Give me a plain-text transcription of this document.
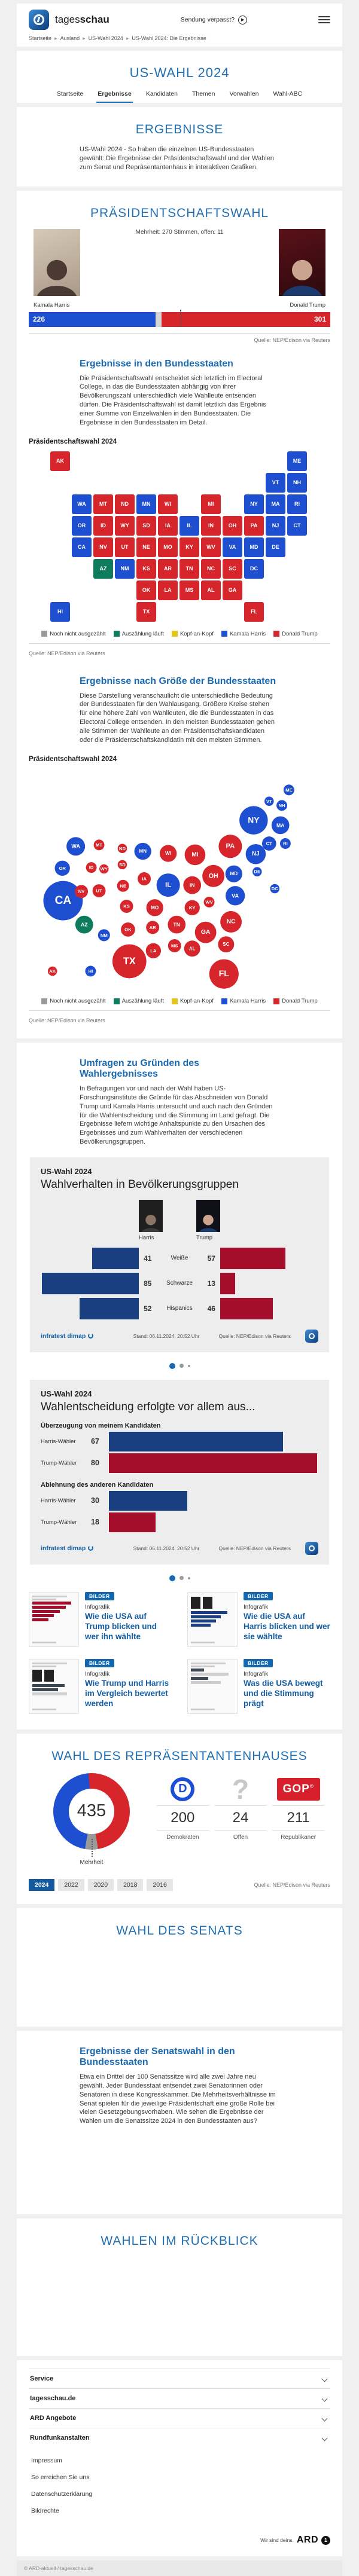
tagesschau	Sendung verpasst?	▶
Startseite ▸ Ausland ▸ US-Wahl 2024 ▸ US-Wahl 2024: Die Ergebnisse
US-WAHL 2024
Startseite Ergebnisse Kandidaten Themen Vorwahlen Wahl-ABC
ERGEBNISSE

US-Wahl 2024 - So haben die einzelnen US-Bundesstaaten gewählt: Die Ergebnisse der Präsidentschaftswahl und der Wahlen zum Senat und Repräsentantenhaus in interaktiven Grafiken.

PRÄSIDENTSCHAFTSWAHL
Mehrheit: 270 Stimmen, offen: 11
Kamala Harris	Donald Trump
226	301
Quelle: NEP/Edison via Reuters
Ergebnisse in den Bundesstaaten

Die Präsidentschaftswahl entscheidet sich letztlich im Electoral College, in das die Bundesstaaten abhängig von ihrer Bevölkerungszahl unterschiedlich viele Wahlleute entsenden dürfen. Die Präsidentschaftswahl ist damit letztlich das Ergebnis einer Summe von Einzelwahlen in den Bundesstaaten. Die Ergebnisse in den Bundesstaaten im Detail.

Präsidentschaftswahl 2024
AK	ME
VT	NH
WA	MT	ND	MN	WI	MI	NY	MA	RI
OR	ID	WY	SD	IA	IL	IN	OH	PA	NJ	CT
CA	NV	UT	NE	MO	KY	WV	VA	MD	DE
AZ	NM	KS	AR	TN	NC	SC	DC
OK	LA	MS	AL	GA
HI	TX	FL
Noch nicht ausgezählt	Auszählung läuft	Kopf-an-Kopf	Kamala Harris	Donald Trump
Quelle: NEP/Edison via Reuters
Ergebnisse nach Größe der Bundesstaaten

Diese Darstellung veranschaulicht die unterschiedliche Bedeutung der Bundesstaaten für den Wahlausgang. Größere Kreise stehen für eine höhere Zahl von Wahlleuten, die die Bundesstaaten in das Electoral College entsenden. In den meisten Bundesstaaten gehen alle Stimmen der Wahlleute an den Präsidentschaftskandidaten oder die Präsidentschaftskandidatin mit den meisten Stimmen.

Präsidentschaftswahl 2024
AK
ME
VT
NH
WA	MT
ND
MN	WI	MI
NY
MA
RI
OR	ID WY
SD
IA
IL	IN
OH
PA
NJ
CT
CA
NV	UT
NE
MO	KY
WV
VA
MD	DE
AZ
NM
KS
AR	TN	NC
SC
DC
OK
LA
MS
AL
GA
HI
TX
FL
Noch nicht ausgezählt	Auszählung läuft	Kopf-an-Kopf	Kamala Harris	Donald Trump
Quelle: NEP/Edison via Reuters
Umfragen zu Gründen des Wahlergebnisses

In Befragungen vor und nach der Wahl haben US-Forschungsinstitute die Gründe für das Abschneiden von Donald Trump und Kamala Harris untersucht und auch nach den Gründen für die Wahlentscheidung und die Stimmung im Land gefragt. Die Ergebnisse liefern wichtige Anhaltspunkte zu den Ursachen des Ergebnisses und zum Wahlverhalten der verschiedenen Bevölkerungsgruppen.

US-Wahl 2024
Wahlverhalten in Bevölkerungsgruppen
Harris	Trump
41	Weiße	57
85	Schwarze	13
52	Hispanics	46
infratest dimap	Stand: 06.11.2024, 20:52 Uhr	Quelle: NEP/Edison via Reuters
US-Wahl 2024
Wahlentscheidung erfolgte vor allem aus...
Überzeugung von meinem Kandidaten
Harris-Wähler	67
Trump-Wähler	80
Ablehnung des anderen Kandidaten
Harris-Wähler	30
Trump-Wähler	18
infratest dimap	Stand: 06.11.2024, 20:52 Uhr	Quelle: NEP/Edison via Reuters
BILDER
Infografik
Wie die USA auf Trump blicken und wer ihn wählte
BILDER
Infografik
Wie die USA auf Harris blicken und wer sie wählte
BILDER
Infografik
Wie Trump und Harris im Vergleich bewertet werden
BILDER
Infografik
Was die USA bewegt und die Stimmung prägt
WAHL DES REPRÄSENTANTENHAUSES
435
Mehrheit
D
200
Demokraten
?
24
Offen
GOP®
211
Republikaner
2024	2022	2020	2018	2016	Quelle: NEP/Edison via Reuters
WAHL DES SENATS
Ergebnisse der Senatswahl in den Bundesstaaten

Etwa ein Drittel der 100 Senatssitze wird alle zwei Jahre neu gewählt. Jeder Bundesstaat entsendet zwei Senatorinnen oder Senatoren in diese Kongresskammer. Die Mehrheitsverhältnisse im Senat spielen für die jeweilige Präsidentschaft eine große Rolle bei vielen Gesetzgebungsvorhaben. Wie sehen die Ergebnisse der Wahlen um die Senatssitze 2024 in den Bundesstaaten aus?

WAHLEN IM RÜCKBLICK
Service
tagesschau.de
ARD Angebote
Rundfunkanstalten
Impressum
So erreichen Sie uns
Datenschutzerklärung
Bildrechte
Wir sind deins. ARD	1
© ARD-aktuell / tagesschau.de
